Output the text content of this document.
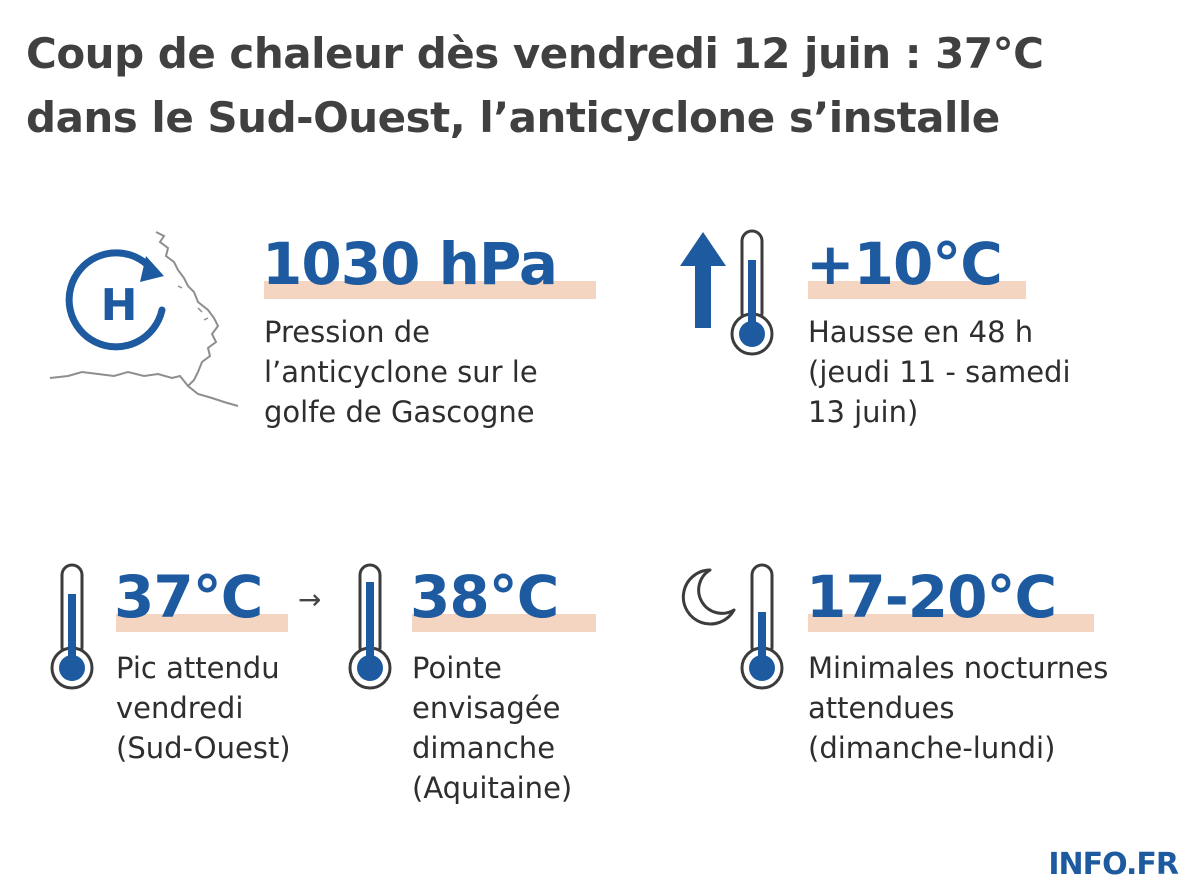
Coup de chaleur dès vendredi 12 juin : 37°C
dans le Sud-Ouest, l’anticyclone s’installe
H
1030 hPa
Pression de
l’anticyclone sur le
golfe de Gascogne
+10°C
Hausse en 48 h
(jeudi 11 - samedi
13 juin)
37°C
Pic attendu
vendredi
(Sud-Ouest)
→ 38°C
Pointe
envisagée
dimanche
(Aquitaine)
17-20°C
Minimales nocturnes
attendues
(dimanche-lundi)
INFO.FR
